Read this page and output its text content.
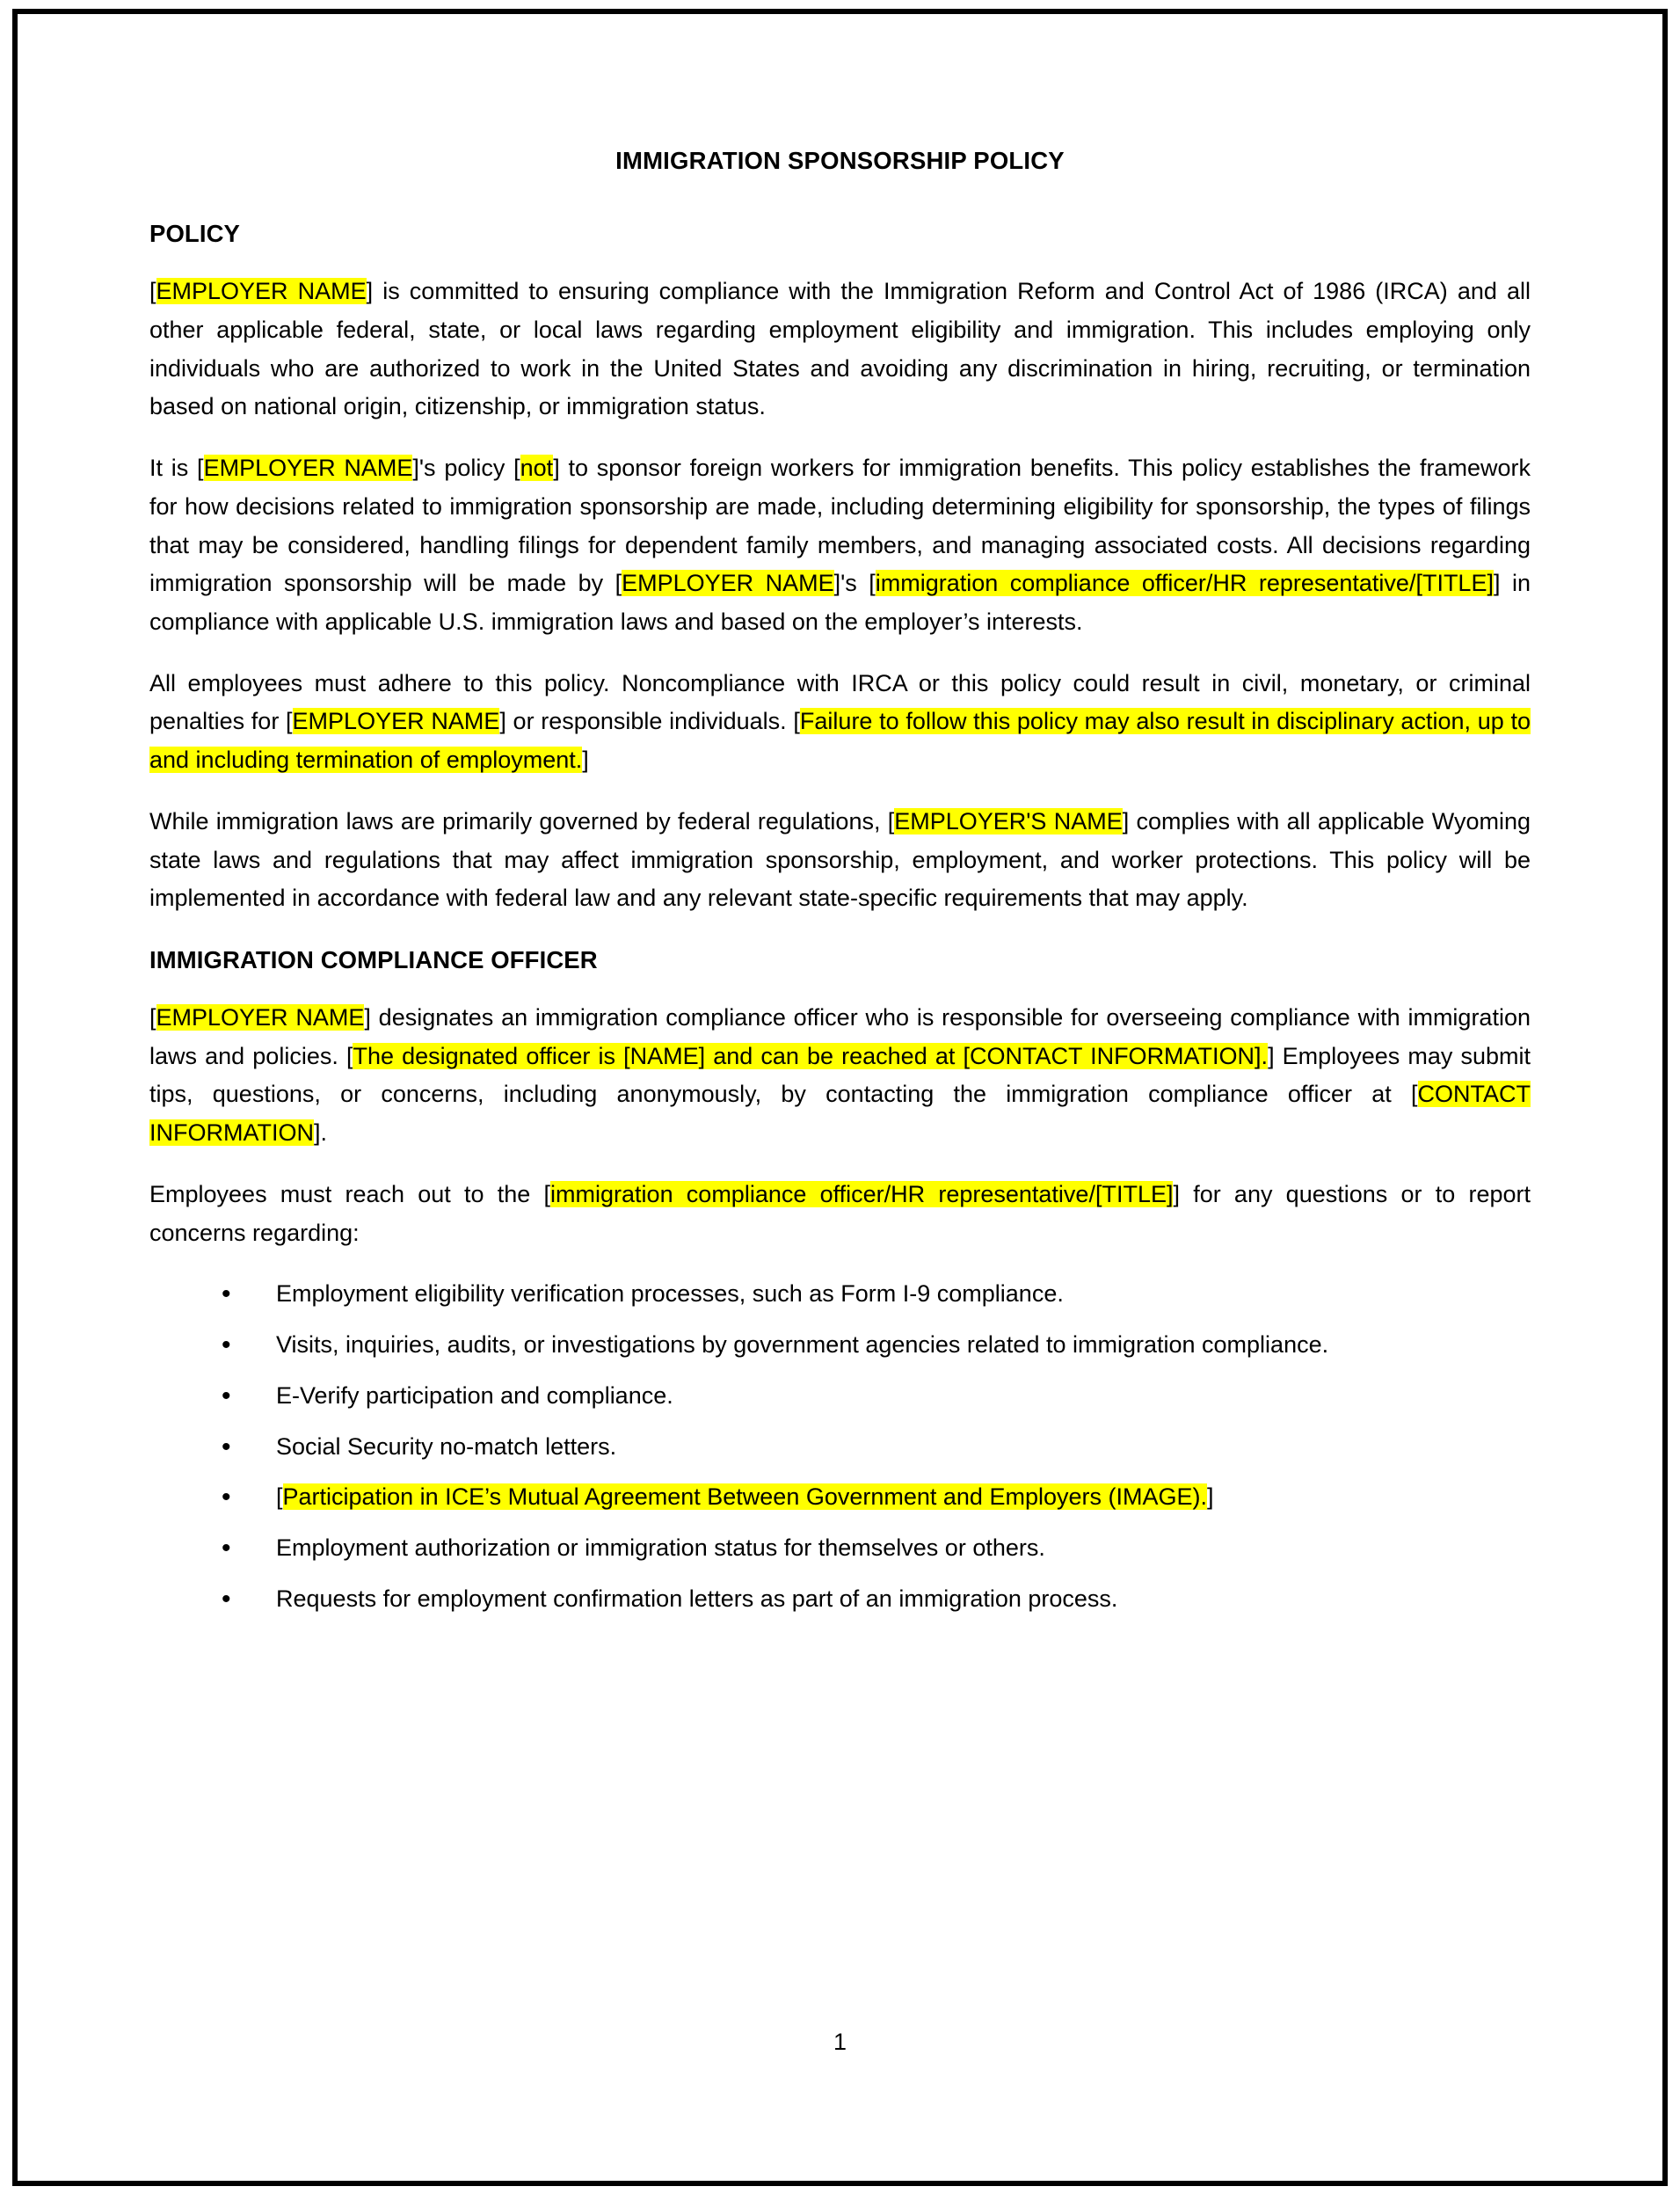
IMMIGRATION SPONSORSHIP POLICY
POLICY

[EMPLOYER NAME] is committed to ensuring compliance with the Immigration Reform and Control Act of 1986 (IRCA) and all other applicable federal, state, or local laws regarding employment eligibility and immigration. This includes employing only individuals who are authorized to work in the United States and avoiding any discrimination in hiring, recruiting, or termination based on national origin, citizenship, or immigration status.

It is [EMPLOYER NAME]'s policy [not] to sponsor foreign workers for immigration benefits. This policy establishes the framework for how decisions related to immigration sponsorship are made, including determining eligibility for sponsorship, the types of filings that may be considered, handling filings for dependent family members, and managing associated costs. All decisions regarding immigration sponsorship will be made by [EMPLOYER NAME]'s [immigration compliance officer/HR representative/[TITLE]] in compliance with applicable U.S. immigration laws and based on the employer’s interests.

All employees must adhere to this policy. Noncompliance with IRCA or this policy could result in civil, monetary, or criminal penalties for [EMPLOYER NAME] or responsible individuals. [Failure to follow this policy may also result in disciplinary action, up to and including termination of employment.]

While immigration laws are primarily governed by federal regulations, [EMPLOYER'S NAME] complies with all applicable Wyoming state laws and regulations that may affect immigration sponsorship, employment, and worker protections. This policy will be implemented in accordance with federal law and any relevant state-specific requirements that may apply.

IMMIGRATION COMPLIANCE OFFICER

[EMPLOYER NAME] designates an immigration compliance officer who is responsible for overseeing compliance with immigration laws and policies. [The designated officer is [NAME] and can be reached at [CONTACT INFORMATION].] Employees may submit tips, questions, or concerns, including anonymously, by contacting the immigration compliance officer at [CONTACT INFORMATION].

Employees must reach out to the [immigration compliance officer/HR representative/[TITLE]] for any questions or to report concerns regarding:

• Employment eligibility verification processes, such as Form I-9 compliance.
• Visits, inquiries, audits, or investigations by government agencies related to immigration compliance.
• E-Verify participation and compliance.
• Social Security no-match letters.
• [Participation in ICE’s Mutual Agreement Between Government and Employers (IMAGE).]
• Employment authorization or immigration status for themselves or others.
• Requests for employment confirmation letters as part of an immigration process.
1
